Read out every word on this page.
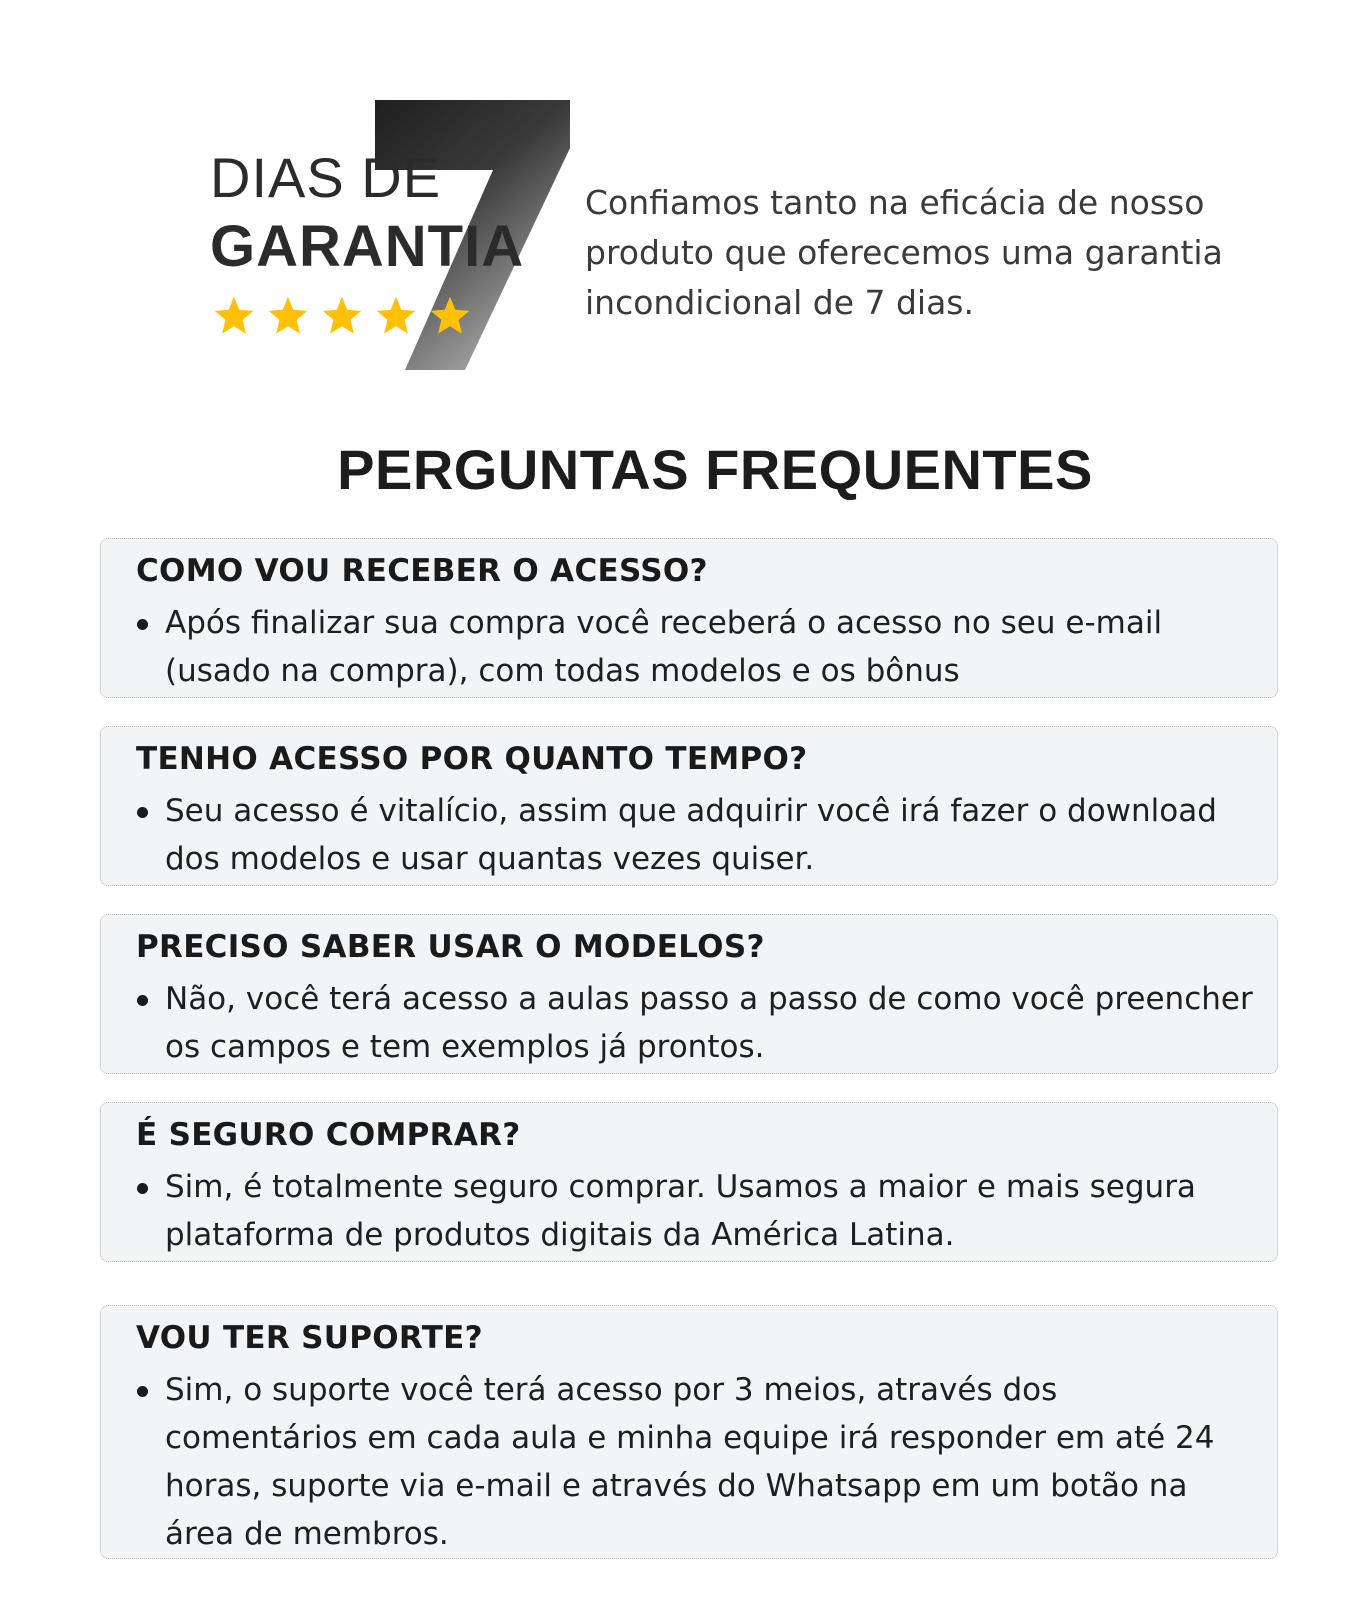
DIAS DE
GARANTIA

Confiamos tanto na eficácia de nosso produto que oferecemos uma garantia incondicional de 7 dias.

PERGUNTAS FREQUENTES
COMO VOU RECEBER O ACESSO?
Após finalizar sua compra você receberá o acesso no seu e-mail (usado na compra), com todas modelos e os bônus
TENHO ACESSO POR QUANTO TEMPO?
Seu acesso é vitalício, assim que adquirir você irá fazer o download dos modelos e usar quantas vezes quiser.
PRECISO SABER USAR O MODELOS?
Não, você terá acesso a aulas passo a passo de como você preencher os campos e tem exemplos já prontos.
É SEGURO COMPRAR?
Sim, é totalmente seguro comprar. Usamos a maior e mais segura plataforma de produtos digitais da América Latina.
VOU TER SUPORTE?
Sim, o suporte você terá acesso por 3 meios, através dos comentários em cada aula e minha equipe irá responder em até 24 horas, suporte via e-mail e através do Whatsapp em um botão na área de membros.
